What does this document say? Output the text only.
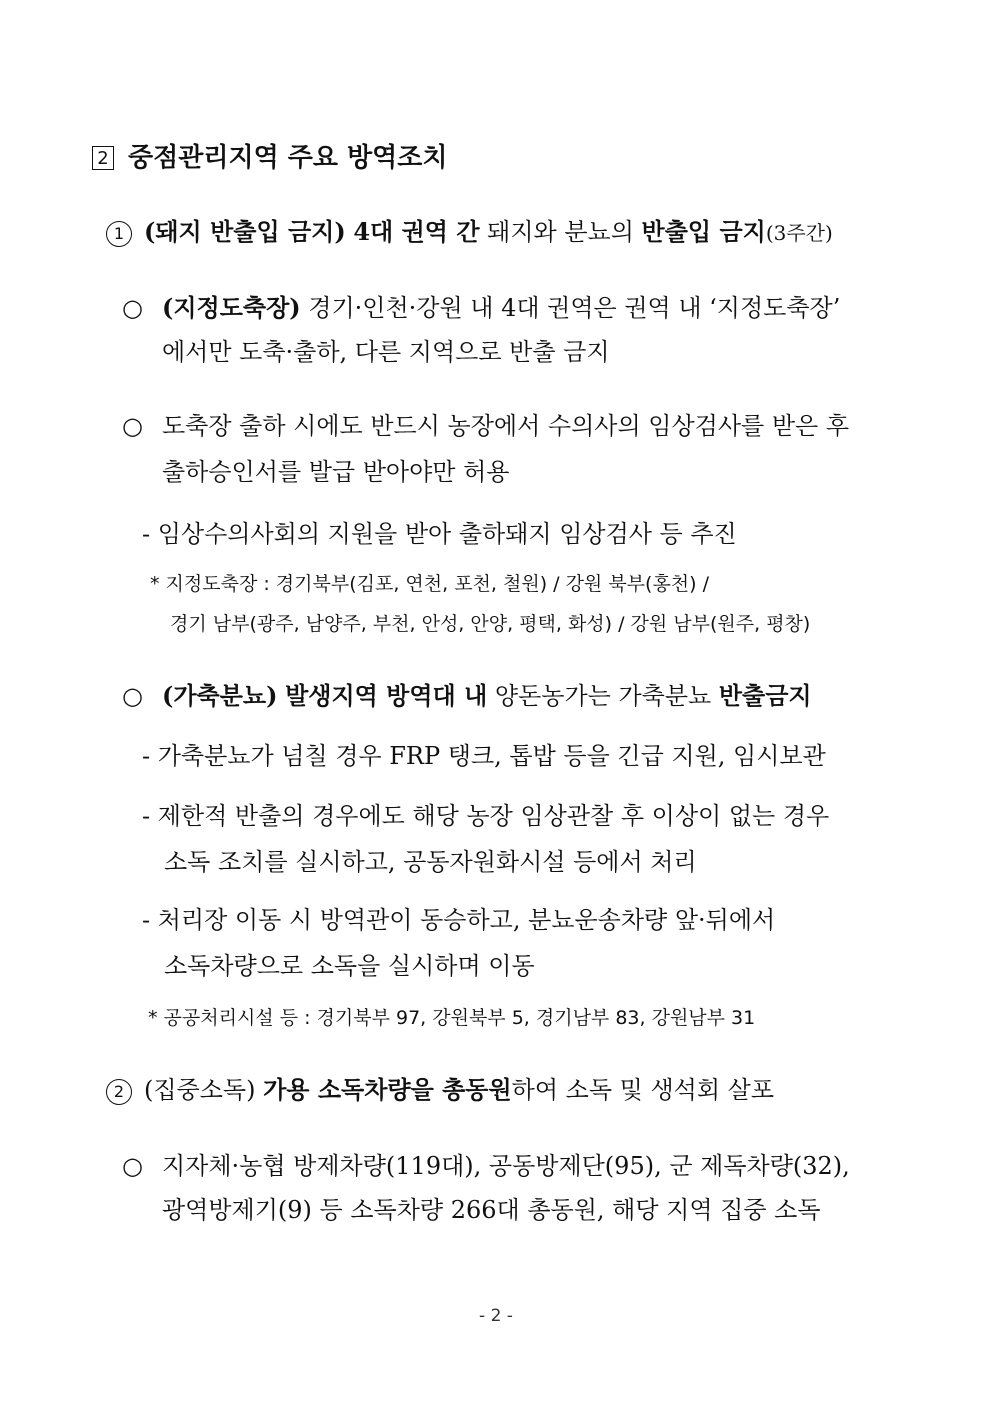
2 중점관리지역 주요 방역조치
1 (돼지 반출입 금지) 4대 권역 간 돼지와 분뇨의 반출입 금지(3주간)
○ (지정도축장) 경기·인천·강원 내 4대 권역은 권역 내 ‘지정도축장’
에서만 도축·출하, 다른 지역으로 반출 금지
○ 도축장 출하 시에도 반드시 농장에서 수의사의 임상검사를 받은 후
출하승인서를 발급 받아야만 허용
- 임상수의사회의 지원을 받아 출하돼지 임상검사 등 추진
* 지정도축장 : 경기북부(김포, 연천, 포천, 철원) / 강원 북부(홍천) /
경기 남부(광주, 남양주, 부천, 안성, 안양, 평택, 화성) / 강원 남부(원주, 평창)
○ (가축분뇨) 발생지역 방역대 내 양돈농가는 가축분뇨 반출금지
- 가축분뇨가 넘칠 경우 FRP 탱크, 톱밥 등을 긴급 지원, 임시보관
- 제한적 반출의 경우에도 해당 농장 임상관찰 후 이상이 없는 경우
소독 조치를 실시하고, 공동자원화시설 등에서 처리
- 처리장 이동 시 방역관이 동승하고, 분뇨운송차량 앞·뒤에서
소독차량으로 소독을 실시하며 이동
* 공공처리시설 등 : 경기북부 97, 강원북부 5, 경기남부 83, 강원남부 31
2 (집중소독) 가용 소독차량을 총동원하여 소독 및 생석회 살포
○ 지자체·농협 방제차량(119대), 공동방제단(95), 군 제독차량(32),
광역방제기(9) 등 소독차량 266대 총동원, 해당 지역 집중 소독
- 2 -
